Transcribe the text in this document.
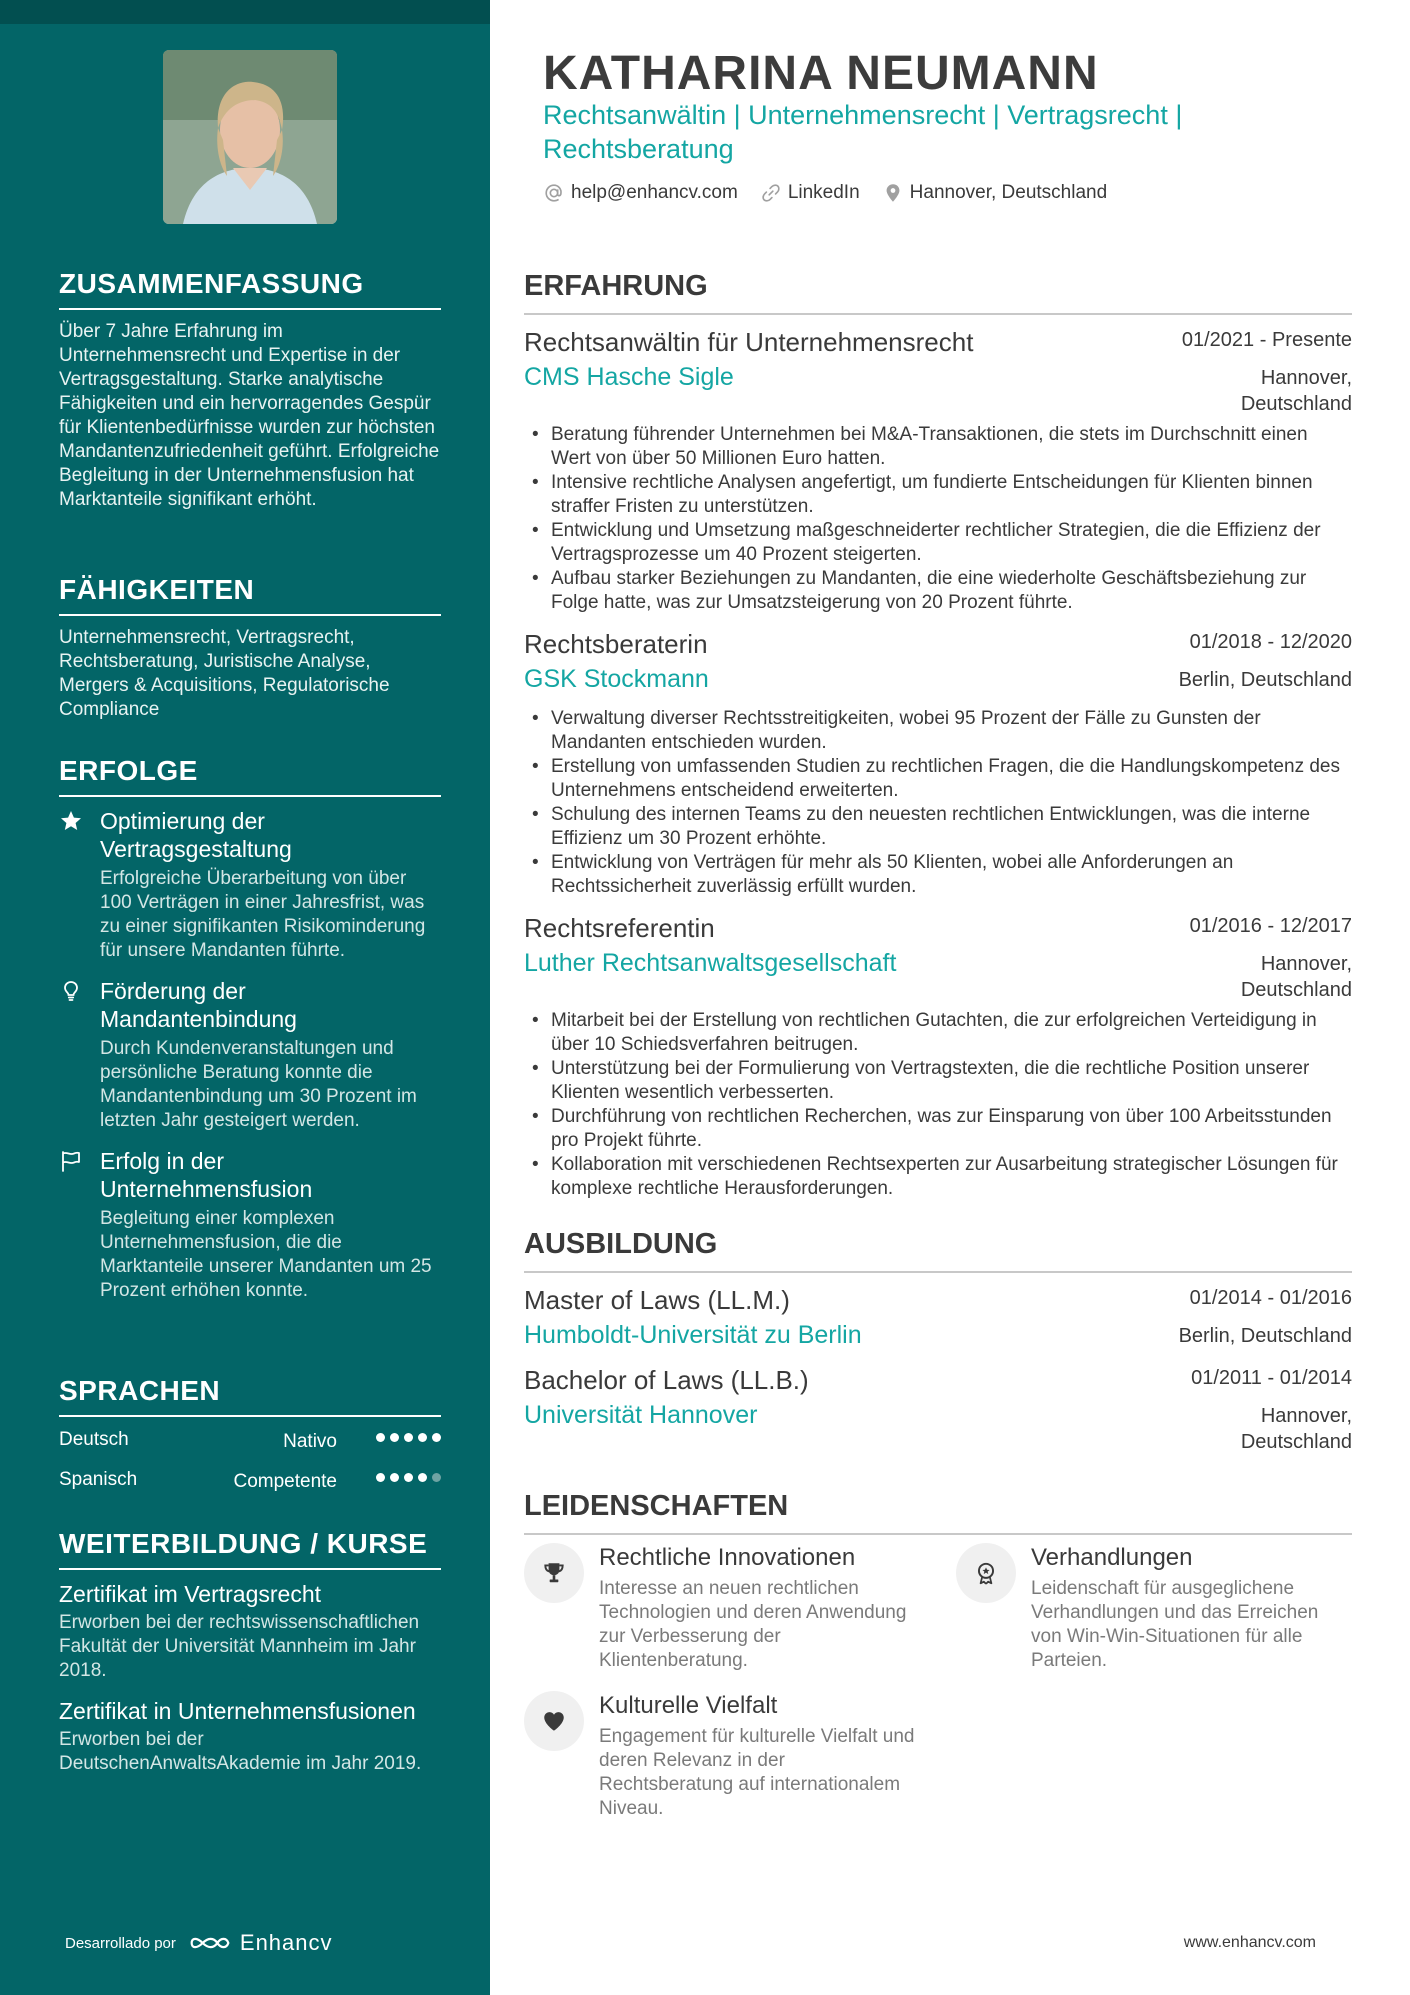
ZUSAMMENFASSUNG

Über 7 Jahre Erfahrung im Unternehmensrecht und Expertise in der Vertragsgestaltung. Starke analytische Fähigkeiten und ein hervorragendes Gespür für Klientenbedürfnisse wurden zur höchsten Mandantenzufriedenheit geführt. Erfolgreiche Begleitung in der Unternehmensfusion hat Marktanteile signifikant erhöht.

FÄHIGKEITEN

Unternehmensrecht, Vertragsrecht, Rechtsberatung, Juristische Analyse, Mergers & Acquisitions, Regulatorische Compliance

ERFOLGE
Optimierung der Vertragsgestaltung
Erfolgreiche Überarbeitung von über 100 Verträgen in einer Jahresfrist, was zu einer signifikanten Risikominderung für unsere Mandanten führte.
Förderung der Mandantenbindung
Durch Kundenveranstaltungen und persönliche Beratung konnte die Mandantenbindung um 30 Prozent im letzten Jahr gesteigert werden.
Erfolg in der Unternehmensfusion
Begleitung einer komplexen Unternehmensfusion, die die Marktanteile unserer Mandanten um 25 Prozent erhöhen konnte.
SPRACHEN
Deutsch	Nativo
Spanisch	Competente
WEITERBILDUNG / KURSE
Zertifikat im Vertragsrecht
Erworben bei der rechtswissenschaftlichen Fakultät der Universität Mannheim im Jahr 2018.
Zertifikat in Unternehmensfusionen
Erworben bei der DeutschenAnwaltsAkademie im Jahr 2019.
Desarrollado por	Enhancv
KATHARINA NEUMANN
Rechtsanwältin | Unternehmensrecht | Vertragsrecht | Rechtsberatung
help@enhancv.com	LinkedIn	Hannover, Deutschland
ERFAHRUNG
Rechtsanwältin für Unternehmensrecht	01/2021 - Presente
CMS Hasche Sigle	Hannover, Deutschland
• Beratung führender Unternehmen bei M&A-Transaktionen, die stets im Durchschnitt einen Wert von über 50 Millionen Euro hatten.
• Intensive rechtliche Analysen angefertigt, um fundierte Entscheidungen für Klienten binnen straffer Fristen zu unterstützen.
• Entwicklung und Umsetzung maßgeschneiderter rechtlicher Strategien, die die Effizienz der Vertragsprozesse um 40 Prozent steigerten.
• Aufbau starker Beziehungen zu Mandanten, die eine wiederholte Geschäftsbeziehung zur Folge hatte, was zur Umsatzsteigerung von 20 Prozent führte.
Rechtsberaterin	01/2018 - 12/2020
GSK Stockmann	Berlin, Deutschland
• Verwaltung diverser Rechtsstreitigkeiten, wobei 95 Prozent der Fälle zu Gunsten der Mandanten entschieden wurden.
• Erstellung von umfassenden Studien zu rechtlichen Fragen, die die Handlungskompetenz des Unternehmens entscheidend erweiterten.
• Schulung des internen Teams zu den neuesten rechtlichen Entwicklungen, was die interne Effizienz um 30 Prozent erhöhte.
• Entwicklung von Verträgen für mehr als 50 Klienten, wobei alle Anforderungen an Rechtssicherheit zuverlässig erfüllt wurden.
Rechtsreferentin	01/2016 - 12/2017
Luther Rechtsanwaltsgesellschaft	Hannover, Deutschland
• Mitarbeit bei der Erstellung von rechtlichen Gutachten, die zur erfolgreichen Verteidigung in über 10 Schiedsverfahren beitrugen.
• Unterstützung bei der Formulierung von Vertragstexten, die die rechtliche Position unserer Klienten wesentlich verbesserten.
• Durchführung von rechtlichen Recherchen, was zur Einsparung von über 100 Arbeitsstunden pro Projekt führte.
• Kollaboration mit verschiedenen Rechtsexperten zur Ausarbeitung strategischer Lösungen für komplexe rechtliche Herausforderungen.
AUSBILDUNG
Master of Laws (LL.M.)	01/2014 - 01/2016
Humboldt-Universität zu Berlin	Berlin, Deutschland
Bachelor of Laws (LL.B.)	01/2011 - 01/2014
Universität Hannover	Hannover, Deutschland
LEIDENSCHAFTEN
Rechtliche Innovationen
Interesse an neuen rechtlichen Technologien und deren Anwendung zur Verbesserung der Klientenberatung.
Verhandlungen
Leidenschaft für ausgeglichene Verhandlungen und das Erreichen von Win-Win-Situationen für alle Parteien.
Kulturelle Vielfalt
Engagement für kulturelle Vielfalt und deren Relevanz in der Rechtsberatung auf internationalem Niveau.
www.enhancv.com
